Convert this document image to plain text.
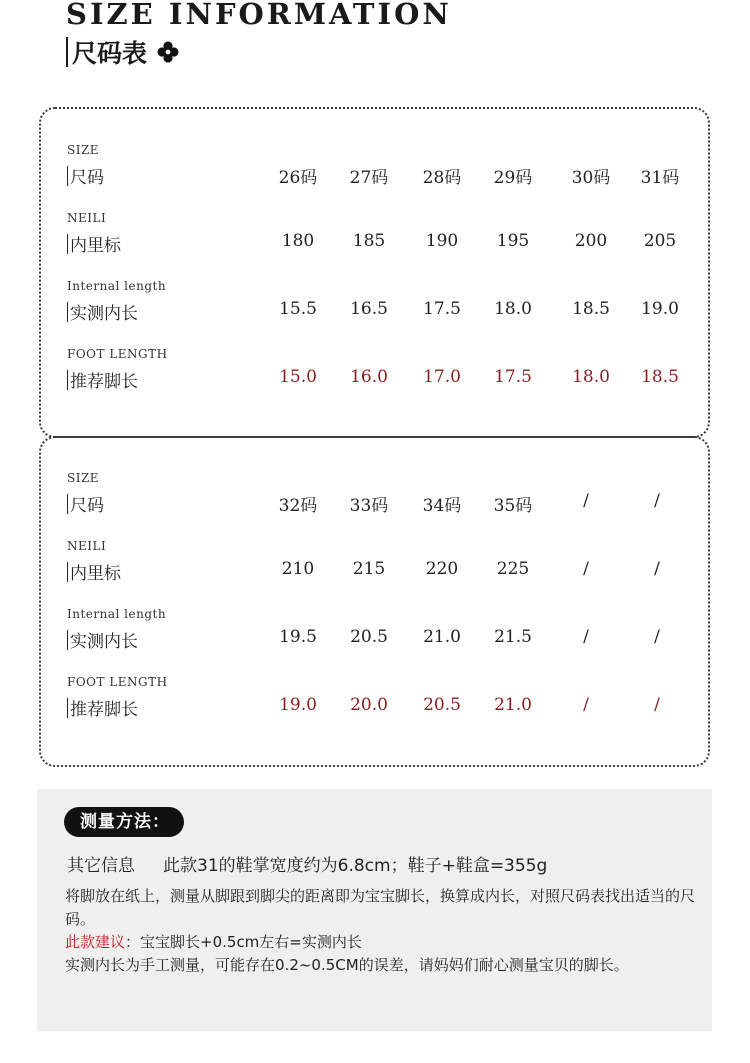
SIZE INFORMATION
尺码表
SIZE
尺码	26码	27码	28码	29码	30码	31码
NEILI
内里标	180	185	190	195	200	205
Internal length
实测内长	15.5	16.5	17.5	18.0	18.5	19.0
FOOT LENGTH
推荐脚长	15.0	16.0	17.0	17.5	18.0	18.5
SIZE
尺码	32码	33码	34码	35码	/	/
NEILI
内里标	210	215	220	225	/	/
Internal length
实测内长	19.5	20.5	21.0	21.5	/	/
FOOT LENGTH
推荐脚长	19.0	20.0	20.5	21.0	/	/
测量方法：
其它信息 此款31的鞋掌宽度约为6.8cm；鞋子+鞋盒=355g
将脚放在纸上，测量从脚跟到脚尖的距离即为宝宝脚长，换算成内长，对照尺码表找出适当的尺码。
此款建议：宝宝脚长+0.5cm左右=实测内长
实测内长为手工测量，可能存在0.2~0.5CM的误差，请妈妈们耐心测量宝贝的脚长。
